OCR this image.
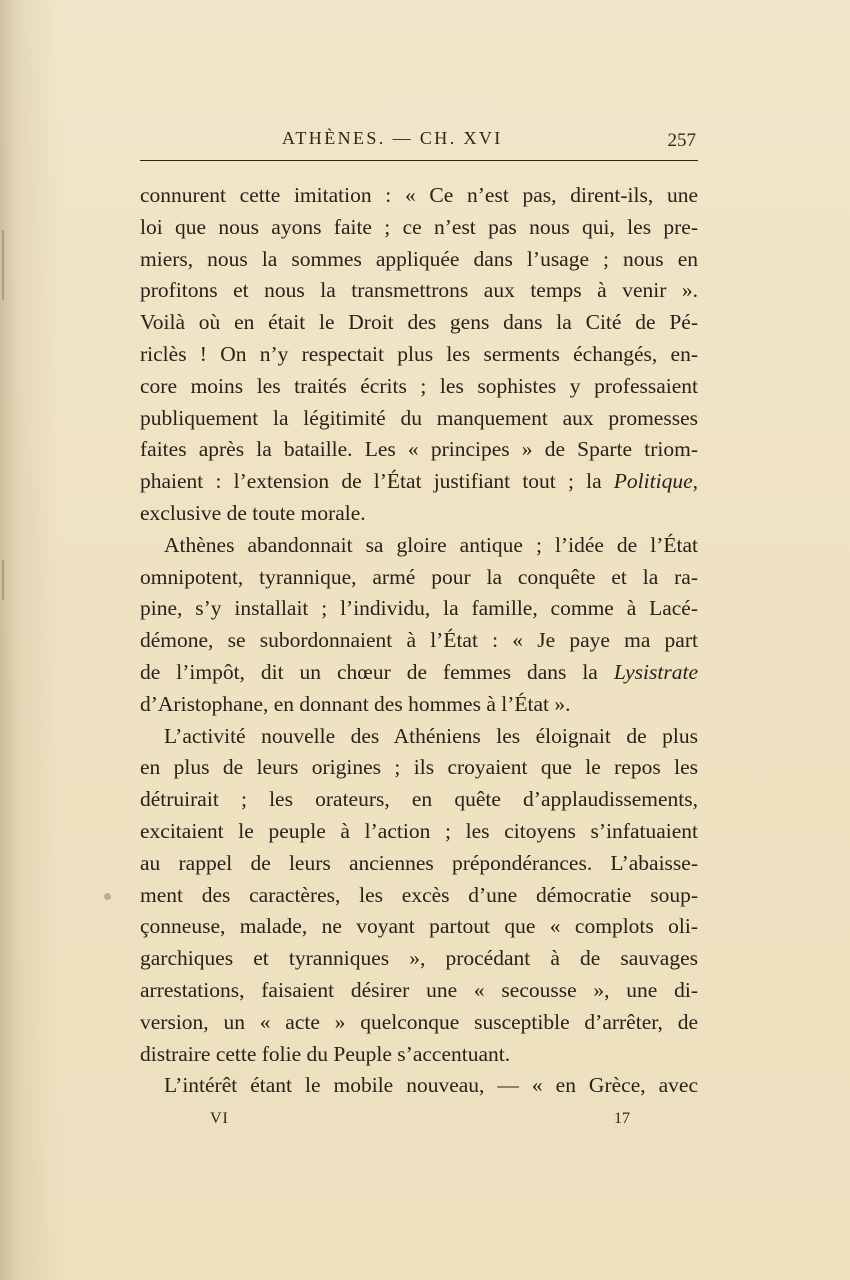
ATHÈNES. — CH. XVI	257
connurent cette imitation : « Ce n’est pas, dirent-ils, une
loi que nous ayons faite ; ce n’est pas nous qui, les pre-
miers, nous la sommes appliquée dans l’usage ; nous en
profitons et nous la transmettrons aux temps à venir ».
Voilà où en était le Droit des gens dans la Cité de Pé-
riclès ! On n’y respectait plus les serments échangés, en-
core moins les traités écrits ; les sophistes y professaient
publiquement la légitimité du manquement aux promesses
faites après la bataille. Les « principes » de Sparte triom-
phaient : l’extension de l’État justifiant tout ; la Politique,
exclusive de toute morale.
Athènes abandonnait sa gloire antique ; l’idée de l’État
omnipotent, tyrannique, armé pour la conquête et la ra-
pine, s’y installait ; l’individu, la famille, comme à Lacé-
démone, se subordonnaient à l’État : « Je paye ma part
de l’impôt, dit un chœur de femmes dans la Lysistrate
d’Aristophane, en donnant des hommes à l’État ».
L’activité nouvelle des Athéniens les éloignait de plus
en plus de leurs origines ; ils croyaient que le repos les
détruirait ; les orateurs, en quête d’applaudissements,
excitaient le peuple à l’action ; les citoyens s’infatuaient
au rappel de leurs anciennes prépondérances. L’abaisse-
ment des caractères, les excès d’une démocratie soup-
çonneuse, malade, ne voyant partout que « complots oli-
garchiques et tyranniques », procédant à de sauvages
arrestations, faisaient désirer une « secousse », une di-
version, un « acte » quelconque susceptible d’arrêter, de
distraire cette folie du Peuple s’accentuant.
L’intérêt étant le mobile nouveau, — « en Grèce, avec
VI	17
